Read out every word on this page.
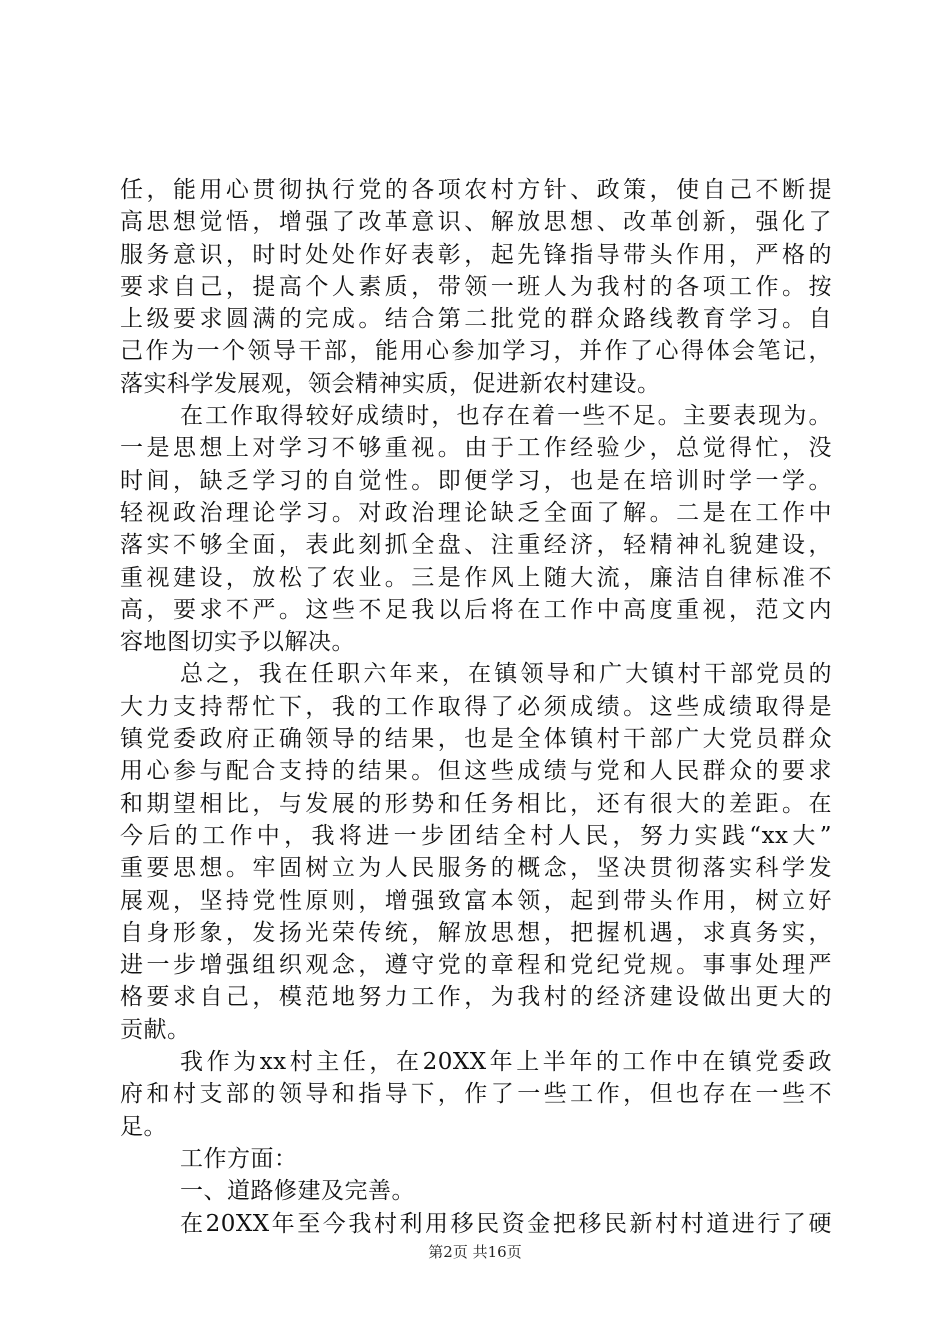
任，能用心贯彻执行党的各项农村方针、政策，使自己不断提
高思想觉悟，增强了改革意识、解放思想、改革创新，强化了
服务意识，时时处处作好表彰，起先锋指导带头作用，严格的
要求自己，提高个人素质，带领一班人为我村的各项工作。按
上级要求圆满的完成。结合第二批党的群众路线教育学习。自
己作为一个领导干部，能用心参加学习，并作了心得体会笔记，
落实科学发展观，领会精神实质，促进新农村建设。
在工作取得较好成绩时，也存在着一些不足。主要表现为。
一是思想上对学习不够重视。由于工作经验少，总觉得忙，没
时间，缺乏学习的自觉性。即便学习，也是在培训时学一学。
轻视政治理论学习。对政治理论缺乏全面了解。二是在工作中
落实不够全面，表此刻抓全盘、注重经济，轻精神礼貌建设，
重视建设，放松了农业。三是作风上随大流，廉洁自律标准不
高，要求不严。这些不足我以后将在工作中高度重视，范文内
容地图切实予以解决。
总之，我在任职六年来，在镇领导和广大镇村干部党员的
大力支持帮忙下，我的工作取得了必须成绩。这些成绩取得是
镇党委政府正确领导的结果，也是全体镇村干部广大党员群众
用心参与配合支持的结果。但这些成绩与党和人民群众的要求
和期望相比，与发展的形势和任务相比，还有很大的差距。在
今后的工作中，我将进一步团结全村人民，努力实践“xx大”
重要思想。牢固树立为人民服务的概念，坚决贯彻落实科学发
展观，坚持党性原则，增强致富本领，起到带头作用，树立好
自身形象，发扬光荣传统，解放思想，把握机遇，求真务实，
进一步增强组织观念，遵守党的章程和党纪党规。事事处理严
格要求自己，模范地努力工作，为我村的经济建设做出更大的
贡献。
我作为xx村主任，在20XX年上半年的工作中在镇党委政
府和村支部的领导和指导下，作了一些工作，但也存在一些不
足。
工作方面：
一、道路修建及完善。
在20XX年至今我村利用移民资金把移民新村村道进行了硬
第2页 共16页
